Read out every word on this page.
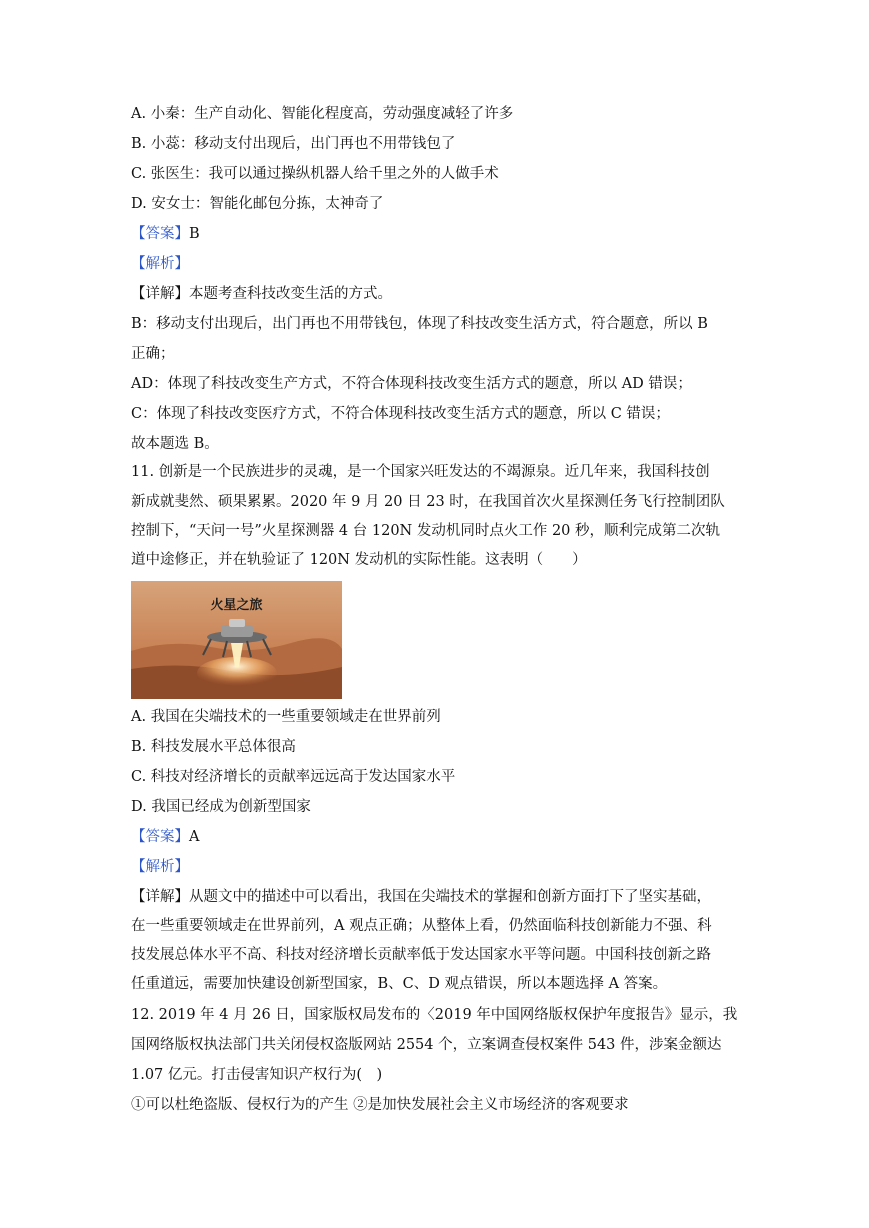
A. 小秦：生产自动化、智能化程度高，劳动强度减轻了许多
B. 小蕊：移动支付出现后，出门再也不用带钱包了
C. 张医生：我可以通过操纵机器人给千里之外的人做手术
D. 安女士：智能化邮包分拣，太神奇了
【答案】B
【解析】
【详解】本题考查科技改变生活的方式。
B：移动支付出现后，出门再也不用带钱包，体现了科技改变生活方式，符合题意，所以 B
正确；
AD：体现了科技改变生产方式，不符合体现科技改变生活方式的题意，所以 AD 错误；
C：体现了科技改变医疗方式，不符合体现科技改变生活方式的题意，所以 C 错误；
故本题选 B。
11. 创新是一个民族进步的灵魂，是一个国家兴旺发达的不竭源泉。近几年来，我国科技创
新成就斐然、硕果累累。2020 年 9 月 20 日 23 时，在我国首次火星探测任务飞行控制团队
控制下，“天问一号”火星探测器 4 台 120N 发动机同时点火工作 20 秒，顺利完成第二次轨
道中途修正，并在轨验证了 120N 发动机的实际性能。这表明（　　）
火星之旅
A. 我国在尖端技术的一些重要领域走在世界前列
B. 科技发展水平总体很高
C. 科技对经济增长的贡献率远远高于发达国家水平
D. 我国已经成为创新型国家
【答案】A
【解析】
【详解】从题文中的描述中可以看出，我国在尖端技术的掌握和创新方面打下了坚实基础，
在一些重要领域走在世界前列，A 观点正确；从整体上看，仍然面临科技创新能力不强、科
技发展总体水平不高、科技对经济增长贡献率低于发达国家水平等问题。中国科技创新之路
任重道远，需要加快建设创新型国家，B、C、D 观点错误，所以本题选择 A 答案。
12. 2019 年 4 月 26 日，国家版权局发布的〈2019 年中国网络版权保护年度报告》显示，我
国网络版权执法部门共关闭侵权盗版网站 2554 个，立案调查侵权案件 543 件，涉案金额达
1.07 亿元。打击侵害知识产权行为(　)
①可以杜绝盗版、侵权行为的产生 ②是加快发展社会主义市场经济的客观要求
